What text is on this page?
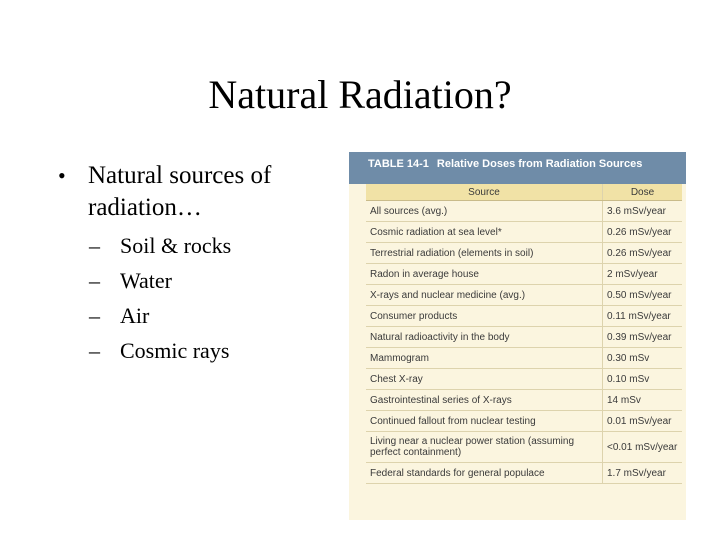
Natural Radiation?
• Natural sources of radiation…
– Soil & rocks
– Water
– Air
– Cosmic rays
TABLE 14-1 Relative Doses from Radiation Sources
Source	Dose
All sources (avg.)	3.6 mSv/year
Cosmic radiation at sea level*	0.26 mSv/year
Terrestrial radiation (elements in soil)	0.26 mSv/year
Radon in average house	2 mSv/year
X-rays and nuclear medicine (avg.)	0.50 mSv/year
Consumer products	0.11 mSv/year
Natural radioactivity in the body	0.39 mSv/year
Mammogram	0.30 mSv
Chest X-ray	0.10 mSv
Gastrointestinal series of X-rays	14 mSv
Continued fallout from nuclear testing	0.01 mSv/year
Living near a nuclear power station (assuming perfect containment)	<0.01 mSv/year
Federal standards for general populace	1.7 mSv/year
